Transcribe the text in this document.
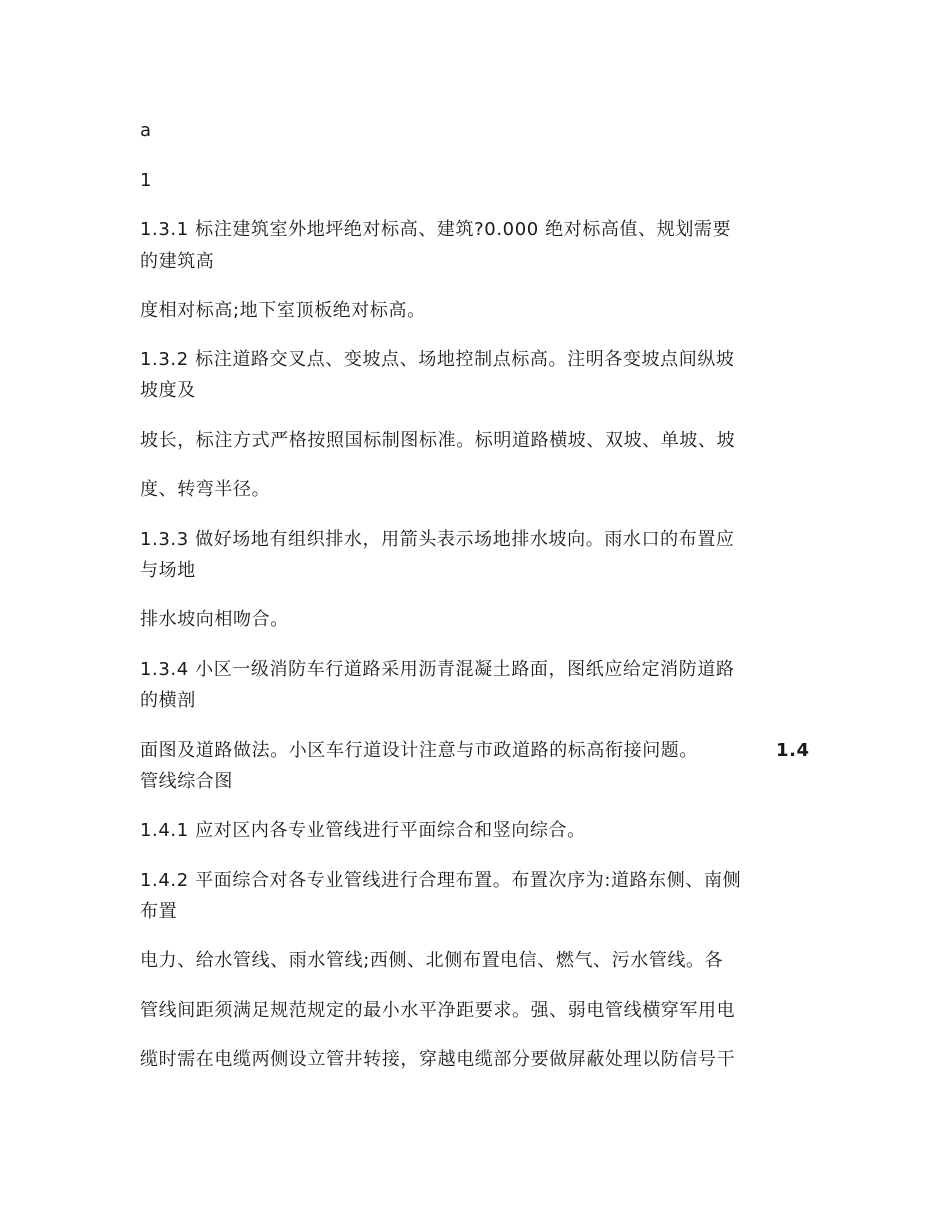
a
1
1.3.1 标注建筑室外地坪绝对标高、建筑?0.000 绝对标高值、规划需要
的建筑高
度相对标高;地下室顶板绝对标高。
1.3.2 标注道路交叉点、变坡点、场地控制点标高。注明各变坡点间纵坡
坡度及
坡长，标注方式严格按照国标制图标准。标明道路横坡、双坡、单坡、坡
度、转弯半径。
1.3.3 做好场地有组织排水，用箭头表示场地排水坡向。雨水口的布置应
与场地
排水坡向相吻合。
1.3.4 小区一级消防车行道路采用沥青混凝土路面，图纸应给定消防道路
的横剖
面图及道路做法。小区车行道设计注意与市政道路的标高衔接问题。	1.4
管线综合图
1.4.1 应对区内各专业管线进行平面综合和竖向综合。
1.4.2 平面综合对各专业管线进行合理布置。布置次序为:道路东侧、南侧
布置
电力、给水管线、雨水管线;西侧、北侧布置电信、燃气、污水管线。各
管线间距须满足规范规定的最小水平净距要求。强、弱电管线横穿军用电
缆时需在电缆两侧设立管井转接，穿越电缆部分要做屏蔽处理以防信号干
